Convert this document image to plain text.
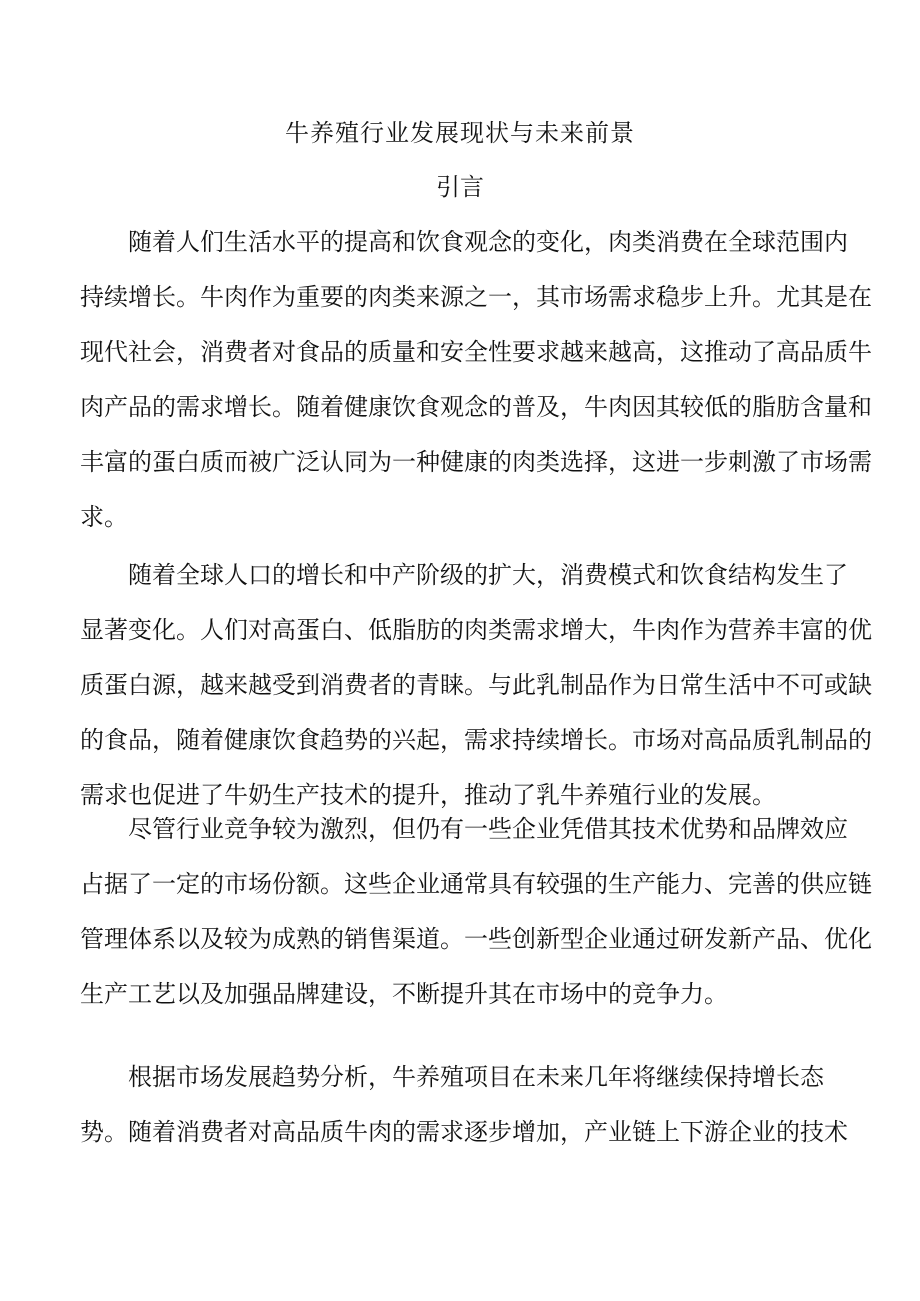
牛养殖行业发展现状与未来前景
引言
随着人们生活水平的提高和饮食观念的变化，肉类消费在全球范围内
持续增长。牛肉作为重要的肉类来源之一，其市场需求稳步上升。尤其是在
现代社会，消费者对食品的质量和安全性要求越来越高，这推动了高品质牛
肉产品的需求增长。随着健康饮食观念的普及，牛肉因其较低的脂肪含量和
丰富的蛋白质而被广泛认同为一种健康的肉类选择，这进一步刺激了市场需
求。
随着全球人口的增长和中产阶级的扩大，消费模式和饮食结构发生了
显著变化。人们对高蛋白、低脂肪的肉类需求增大，牛肉作为营养丰富的优
质蛋白源，越来越受到消费者的青睐。与此乳制品作为日常生活中不可或缺
的食品，随着健康饮食趋势的兴起，需求持续增长。市场对高品质乳制品的
需求也促进了牛奶生产技术的提升，推动了乳牛养殖行业的发展。
尽管行业竞争较为激烈，但仍有一些企业凭借其技术优势和品牌效应
占据了一定的市场份额。这些企业通常具有较强的生产能力、完善的供应链
管理体系以及较为成熟的销售渠道。一些创新型企业通过研发新产品、优化
生产工艺以及加强品牌建设，不断提升其在市场中的竞争力。
根据市场发展趋势分析，牛养殖项目在未来几年将继续保持增长态
势。随着消费者对高品质牛肉的需求逐步增加，产业链上下游企业的技术
